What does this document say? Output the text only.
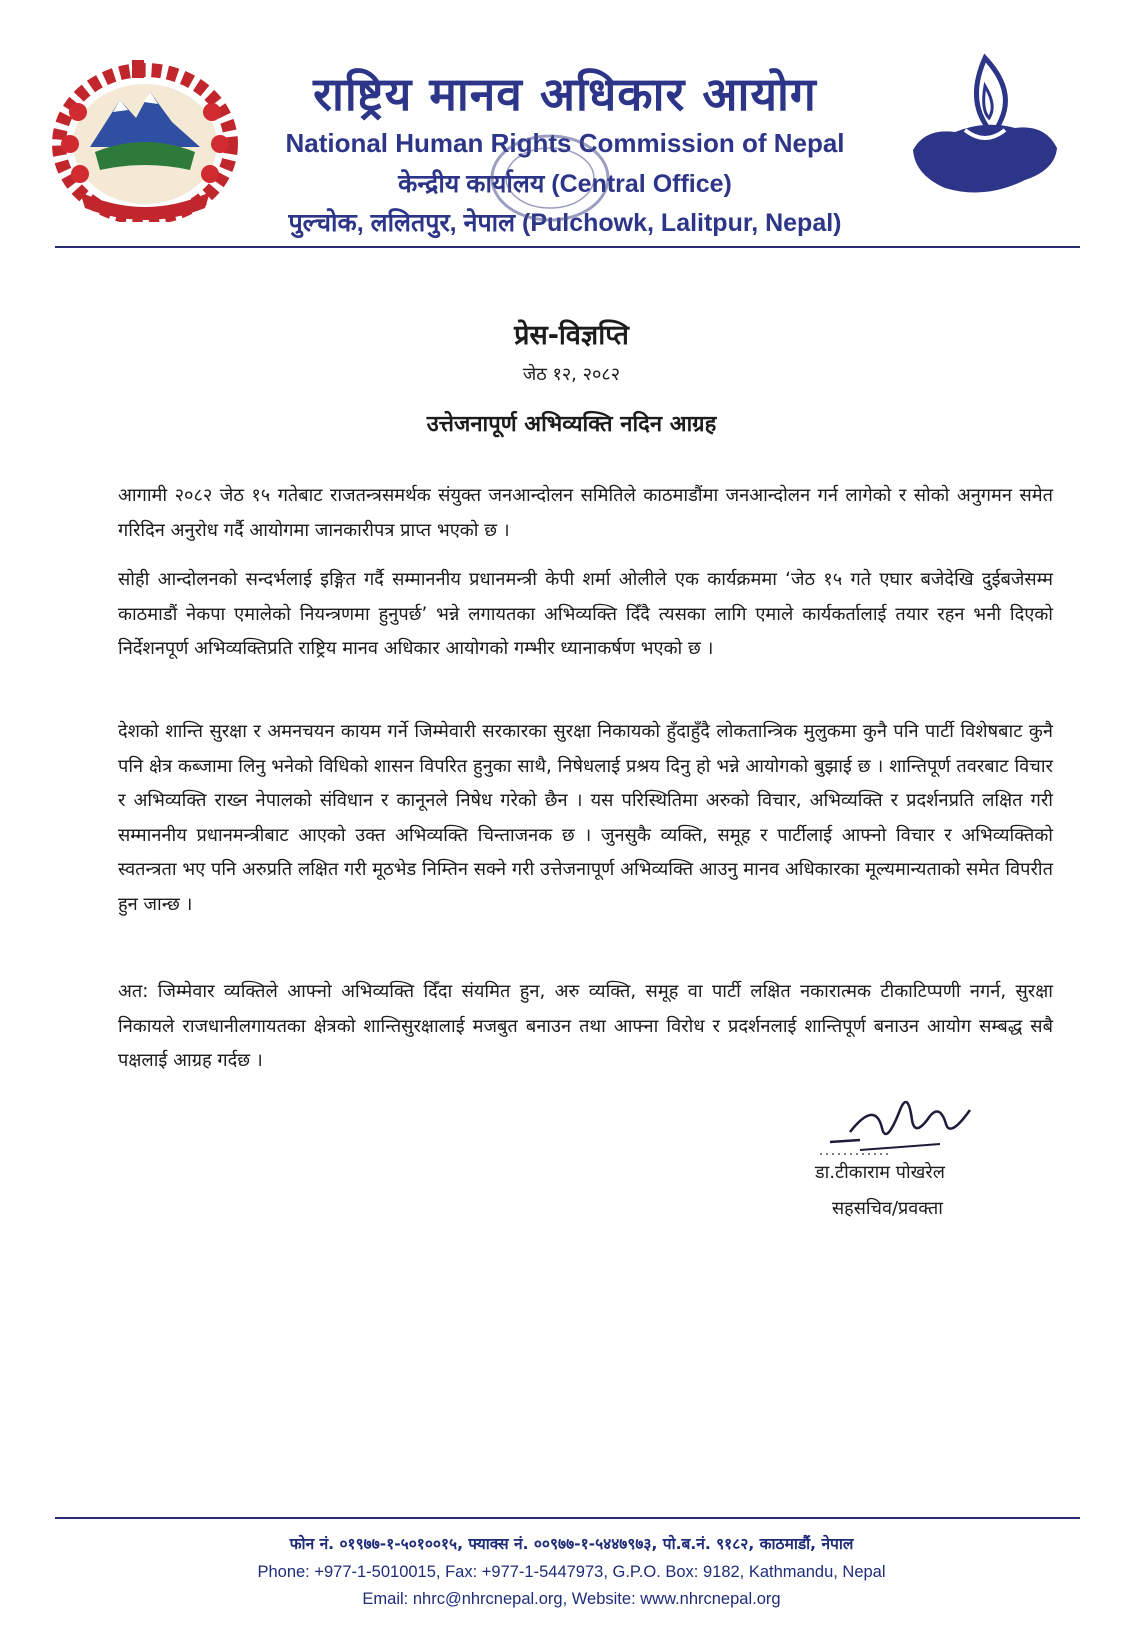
राष्ट्रिय मानव अधिकार आयोग
National Human Rights Commission of Nepal
केन्द्रीय कार्यालय (Central Office)
पुल्चोक, ललितपुर, नेपाल (Pulchowk, Lalitpur, Nepal)
प्रेस-विज्ञप्ति
जेठ १२, २०८२
उत्तेजनापूर्ण अभिव्यक्ति नदिन आग्रह
आगामी २०८२ जेठ १५ गतेबाट राजतन्त्रसमर्थक संयुक्त जनआन्दोलन समितिले काठमाडौंमा जनआन्दोलन गर्न लागेको र सोको अनुगमन समेत गरिदिन अनुरोध गर्दै आयोगमा जानकारीपत्र प्राप्त भएको छ ।
सोही आन्दोलनको सन्दर्भलाई इङ्गित गर्दै सम्माननीय प्रधानमन्त्री केपी शर्मा ओलीले एक कार्यक्रममा ‘जेठ १५ गते एघार बजेदेखि दुईबजेसम्म काठमाडौं नेकपा एमालेको नियन्त्रणमा हुनुपर्छ’ भन्ने लगायतका अभिव्यक्ति दिँदै त्यसका लागि एमाले कार्यकर्तालाई तयार रहन भनी दिएको निर्देशनपूर्ण अभिव्यक्तिप्रति राष्ट्रिय मानव अधिकार आयोगको गम्भीर ध्यानाकर्षण भएको छ ।
देशको शान्ति सुरक्षा र अमनचयन कायम गर्ने जिम्मेवारी सरकारका सुरक्षा निकायको हुँदाहुँदै लोकतान्त्रिक मुलुकमा कुनै पनि पार्टी विशेषबाट कुनै पनि क्षेत्र कब्जामा लिनु भनेको विधिको शासन विपरित हुनुका साथै, निषेधलाई प्रश्रय दिनु हो भन्ने आयोगको बुझाई छ । शान्तिपूर्ण तवरबाट विचार र अभिव्यक्ति राख्न नेपालको संविधान र कानूनले निषेध गरेको छैन । यस परिस्थितिमा अरुको विचार, अभिव्यक्ति र प्रदर्शनप्रति लक्षित गरी सम्माननीय प्रधानमन्त्रीबाट आएको उक्त अभिव्यक्ति चिन्ताजनक छ । जुनसुकै व्यक्ति, समूह र पार्टीलाई आफ्नो विचार र अभिव्यक्तिको स्वतन्त्रता भए पनि अरुप्रति लक्षित गरी मूठभेड निम्तिन सक्ने गरी उत्तेजनापूर्ण अभिव्यक्ति आउनु मानव अधिकारका मूल्यमान्यताको समेत विपरीत हुन जान्छ ।
अत: जिम्मेवार व्यक्तिले आफ्नो अभिव्यक्ति दिँदा संयमित हुन, अरु व्यक्ति, समूह वा पार्टी लक्षित नकारात्मक टीकाटिप्पणी नगर्न, सुरक्षा निकायले राजधानीलगायतका क्षेत्रको शान्तिसुरक्षालाई मजबुत बनाउन तथा आफ्ना विरोध र प्रदर्शनलाई शान्तिपूर्ण बनाउन आयोग सम्बद्ध सबै पक्षलाई आग्रह गर्दछ ।
डा.टीकाराम पोखरेल
सहसचिव/प्रवक्ता
फोन नं. ०१९७७-१-५०१००१५, फ्याक्स नं. ००९७७-१-५४४७९७३, पो.ब.नं. ९१८२, काठमाडौं, नेपाल
Phone: +977-1-5010015, Fax: +977-1-5447973, G.P.O. Box: 9182, Kathmandu, Nepal
Email: nhrc@nhrcnepal.org, Website: www.nhrcnepal.org
